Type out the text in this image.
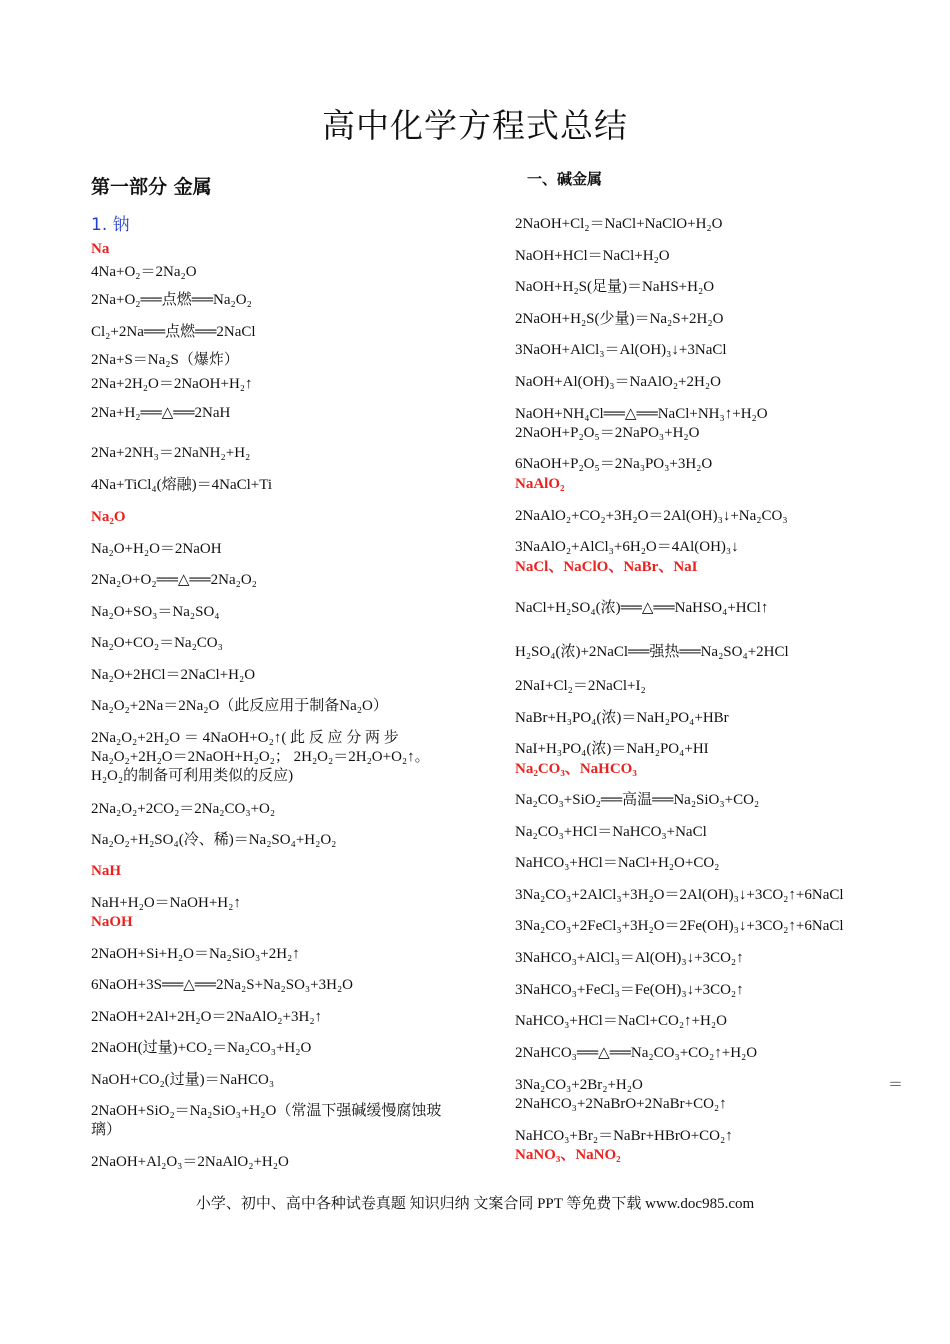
高中化学方程式总结
第一部分 金属
1. 钠
Na
4Na+O₂＝2Na₂O
2Na+O₂══点燃══Na₂O₂
Cl₂+2Na══点燃══2NaCl
2Na+S＝Na₂S（爆炸）
2Na+2H₂O＝2NaOH+H₂↑
2Na+H₂══△══2NaH
2Na+2NH₃＝2NaNH₂+H₂
4Na+TiCl₄(熔融)＝4NaCl+Ti
Na₂O
Na₂O+H₂O＝2NaOH
2Na₂O+O₂══△══2Na₂O₂
Na₂O+SO₃＝Na₂SO₄
Na₂O+CO₂＝Na₂CO₃
Na₂O+2HCl＝2NaCl+H₂O
Na₂O₂+2Na＝2Na₂O（此反应用于制备Na₂O）
2Na₂O₂+2H₂O ＝ 4NaOH+O₂↑( 此 反 应 分 两 步
Na₂O₂+2H₂O＝2NaOH+H₂O₂； 2H₂O₂＝2H₂O+O₂↑。
H₂O₂的制备可利用类似的反应)
2Na₂O₂+2CO₂＝2Na₂CO₃+O₂
Na₂O₂+H₂SO₄(冷、稀)＝Na₂SO₄+H₂O₂
NaH
NaH+H₂O＝NaOH+H₂↑
NaOH
2NaOH+Si+H₂O＝Na₂SiO₃+2H₂↑
6NaOH+3S══△══2Na₂S+Na₂SO₃+3H₂O
2NaOH+2Al+2H₂O＝2NaAlO₂+3H₂↑
2NaOH(过量)+CO₂＝Na₂CO₃+H₂O
NaOH+CO₂(过量)＝NaHCO₃
2NaOH+SiO₂＝Na₂SiO₃+H₂O（常温下强碱缓慢腐蚀玻
璃）
2NaOH+Al₂O₃＝2NaAlO₂+H₂O
一、碱金属
2NaOH+Cl₂＝NaCl+NaClO+H₂O
NaOH+HCl＝NaCl+H₂O
NaOH+H₂S(足量)＝NaHS+H₂O
2NaOH+H₂S(少量)＝Na₂S+2H₂O
3NaOH+AlCl₃＝Al(OH)₃↓+3NaCl
NaOH+Al(OH)₃＝NaAlO₂+2H₂O
NaOH+NH₄Cl══△══NaCl+NH₃↑+H₂O
2NaOH+P₂O₅＝2NaPO₃+H₂O
6NaOH+P₂O₅＝2Na₃PO₃+3H₂O
NaAlO₂
2NaAlO₂+CO₂+3H₂O＝2Al(OH)₃↓+Na₂CO₃
3NaAlO₂+AlCl₃+6H₂O＝4Al(OH)₃↓
NaCl、NaClO、NaBr、NaI
NaCl+H₂SO₄(浓)══△══NaHSO₄+HCl↑
H₂SO₄(浓)+2NaCl══强热══Na₂SO₄+2HCl
2NaI+Cl₂＝2NaCl+I₂
NaBr+H₃PO₄(浓)＝NaH₂PO₄+HBr
NaI+H₃PO₄(浓)＝NaH₂PO₄+HI
Na₂CO₃、NaHCO₃
Na₂CO₃+SiO₂══高温══Na₂SiO₃+CO₂
Na₂CO₃+HCl＝NaHCO₃+NaCl
NaHCO₃+HCl＝NaCl+H₂O+CO₂
3Na₂CO₃+2AlCl₃+3H₂O＝2Al(OH)₃↓+3CO₂↑+6NaCl
3Na₂CO₃+2FeCl₃+3H₂O＝2Fe(OH)₃↓+3CO₂↑+6NaCl
3NaHCO₃+AlCl₃＝Al(OH)₃↓+3CO₂↑
3NaHCO₃+FeCl₃＝Fe(OH)₃↓+3CO₂↑
NaHCO₃+HCl＝NaCl+CO₂↑+H₂O
2NaHCO₃══△══Na₂CO₃+CO₂↑+H₂O
3Na₂CO₃+2Br₂+H₂O	＝
2NaHCO₃+2NaBrO+2NaBr+CO₂↑
NaHCO₃+Br₂＝NaBr+HBrO+CO₂↑
NaNO₃、NaNO₂
小学、初中、高中各种试卷真题 知识归纳 文案合同 PPT 等免费下载 www.doc985.com
